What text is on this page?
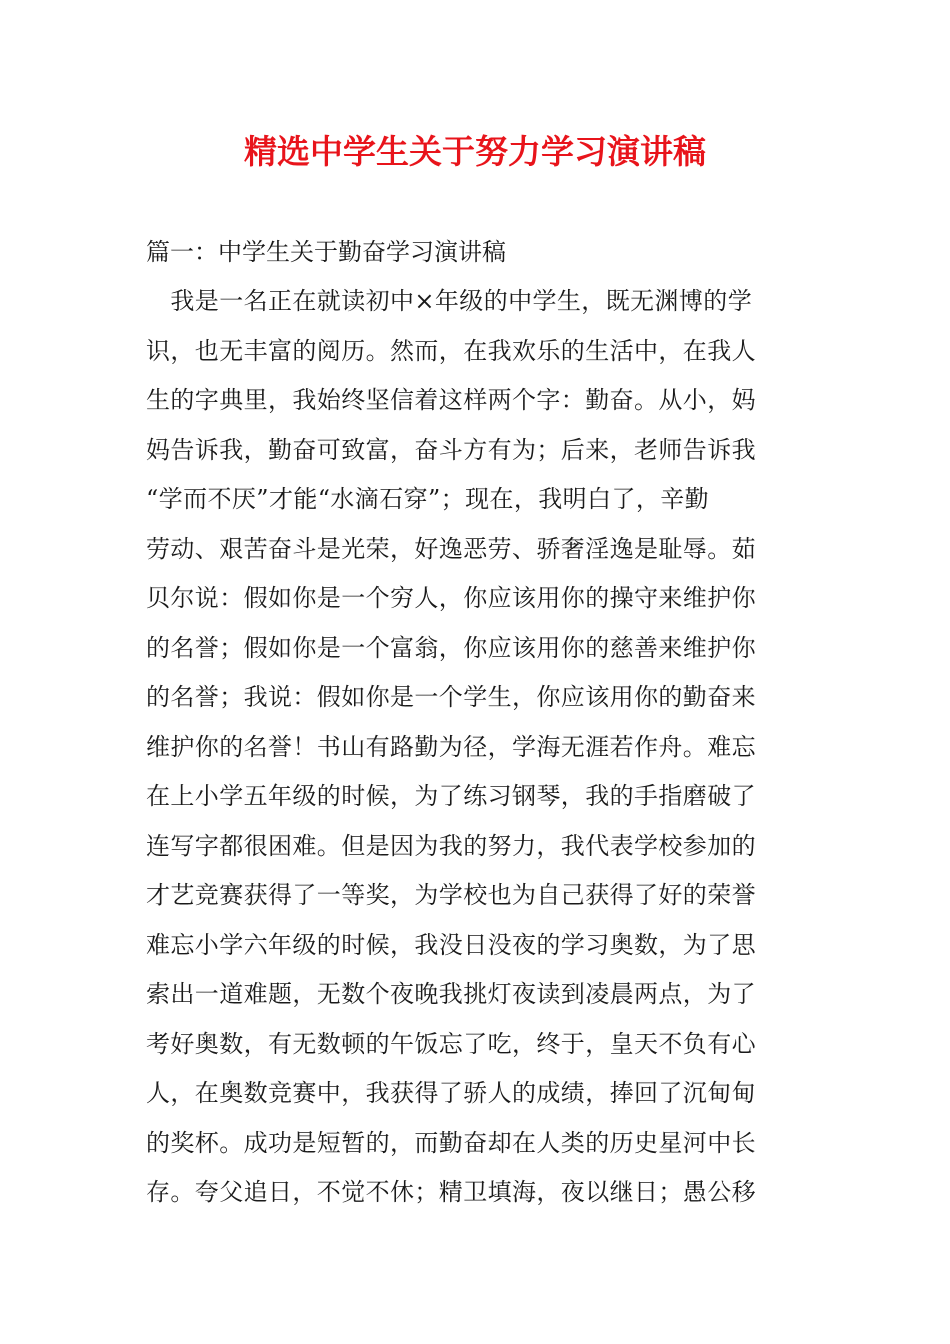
精选中学生关于努力学习演讲稿

篇一：中学生关于勤奋学习演讲稿

　我是一名正在就读初中×年级的中学生，既无渊博的学
识，也无丰富的阅历。然而，在我欢乐的生活中，在我人
生的字典里，我始终坚信着这样两个字：勤奋。从小，妈
妈告诉我，勤奋可致富，奋斗方有为；后来，老师告诉我
“学而不厌”才能“水滴石穿”；现在，我明白了，辛勤
劳动、艰苦奋斗是光荣，好逸恶劳、骄奢淫逸是耻辱。茹
贝尔说：假如你是一个穷人，你应该用你的操守来维护你
的名誉；假如你是一个富翁，你应该用你的慈善来维护你
的名誉；我说：假如你是一个学生，你应该用你的勤奋来
维护你的名誉！书山有路勤为径，学海无涯若作舟。难忘
在上小学五年级的时候，为了练习钢琴，我的手指磨破了
连写字都很困难。但是因为我的努力，我代表学校参加的
才艺竞赛获得了一等奖，为学校也为自己获得了好的荣誉
难忘小学六年级的时候，我没日没夜的学习奥数，为了思
索出一道难题，无数个夜晚我挑灯夜读到凌晨两点，为了
考好奥数，有无数顿的午饭忘了吃，终于，皇天不负有心
人，在奥数竞赛中，我获得了骄人的成绩，捧回了沉甸甸
的奖杯。成功是短暂的，而勤奋却在人类的历史星河中长
存。夸父追日，不觉不休；精卫填海，夜以继日；愚公移
